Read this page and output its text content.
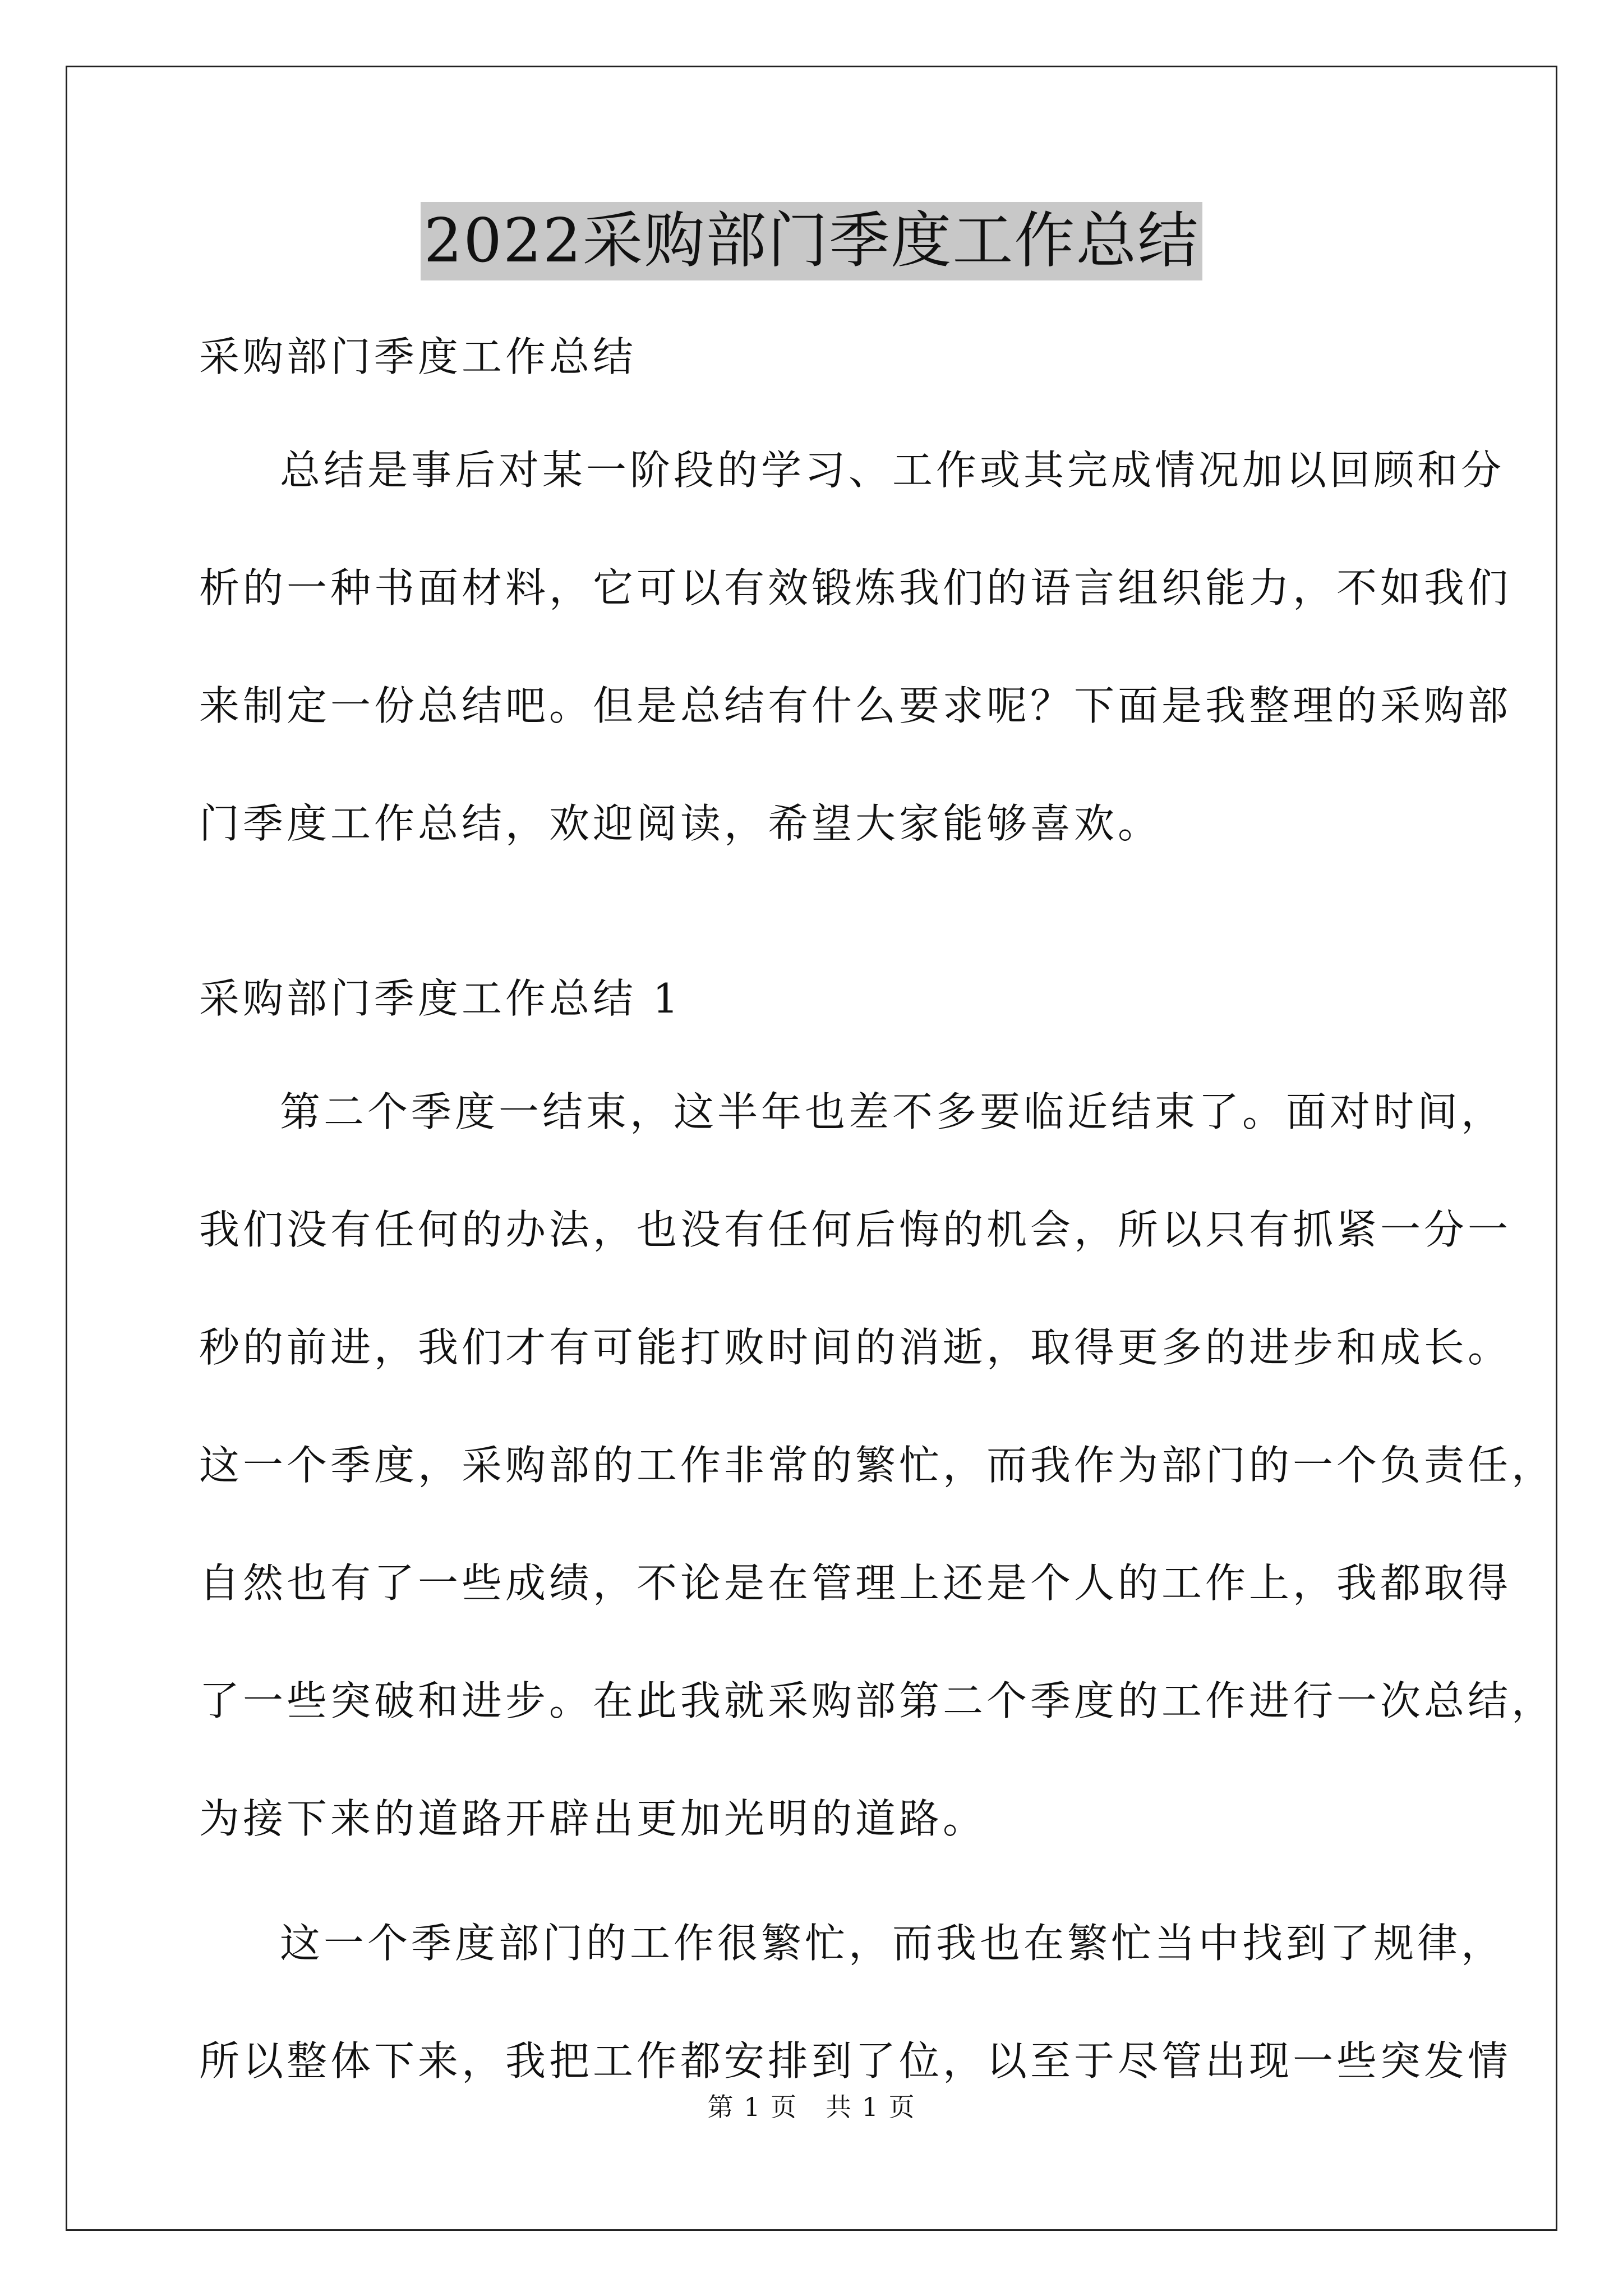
2022采购部门季度工作总结
采购部门季度工作总结
总结是事后对某一阶段的学习、工作或其完成情况加以回顾和分
析的一种书面材料，它可以有效锻炼我们的语言组织能力，不如我们
来制定一份总结吧。但是总结有什么要求呢？下面是我整理的采购部
门季度工作总结，欢迎阅读，希望大家能够喜欢。
采购部门季度工作总结 1
第二个季度一结束，这半年也差不多要临近结束了。面对时间，
我们没有任何的办法，也没有任何后悔的机会，所以只有抓紧一分一
秒的前进，我们才有可能打败时间的消逝，取得更多的进步和成长。
这一个季度，采购部的工作非常的繁忙，而我作为部门的一个负责任，
自然也有了一些成绩，不论是在管理上还是个人的工作上，我都取得
了一些突破和进步。在此我就采购部第二个季度的工作进行一次总结，
为接下来的道路开辟出更加光明的道路。
这一个季度部门的工作很繁忙，而我也在繁忙当中找到了规律，
所以整体下来，我把工作都安排到了位，以至于尽管出现一些突发情
第 1 页 共 1 页
